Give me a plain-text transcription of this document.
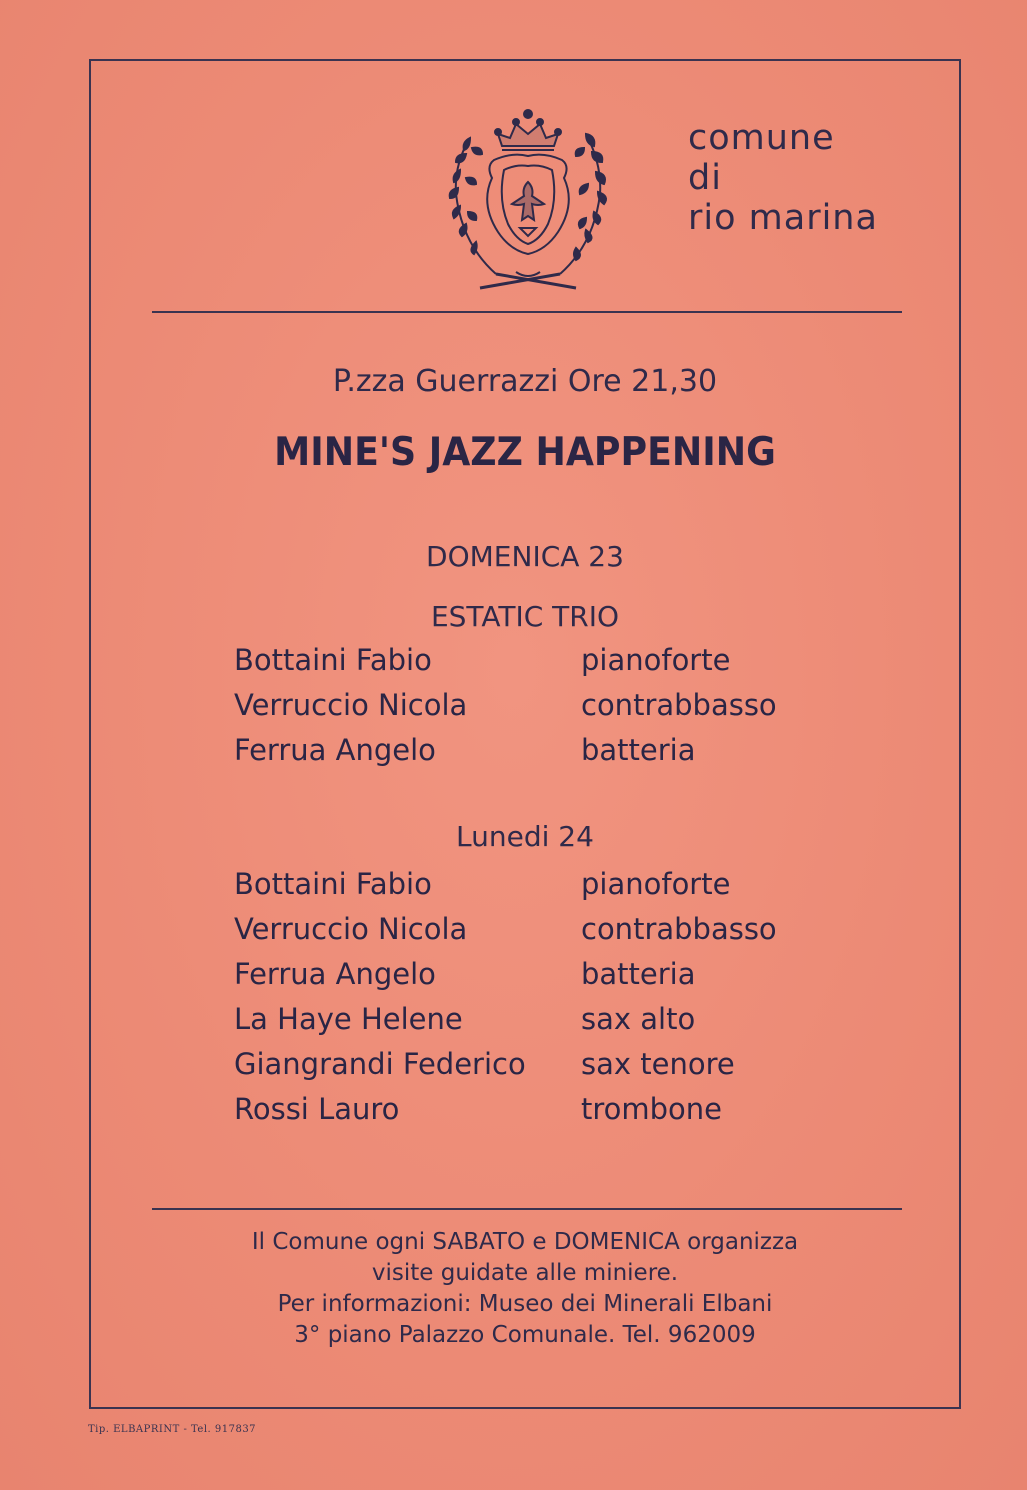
comune
di
rio marina
P.zza Guerrazzi Ore 21,30
MINE'S JAZZ HAPPENING
DOMENICA 23
ESTATIC TRIO
Bottaini Fabio	pianoforte
Verruccio Nicola	contrabbasso
Ferrua Angelo	batteria
Lunedi 24
Bottaini Fabio	pianoforte
Verruccio Nicola	contrabbasso
Ferrua Angelo	batteria
La Haye Helene	sax alto
Giangrandi Federico sax tenore
Rossi Lauro	trombone
Il Comune ogni SABATO e DOMENICA organizza
visite guidate alle miniere.
Per informazioni: Museo dei Minerali Elbani
3° piano Palazzo Comunale. Tel. 962009
Tip. ELBAPRINT - Tel. 917837
